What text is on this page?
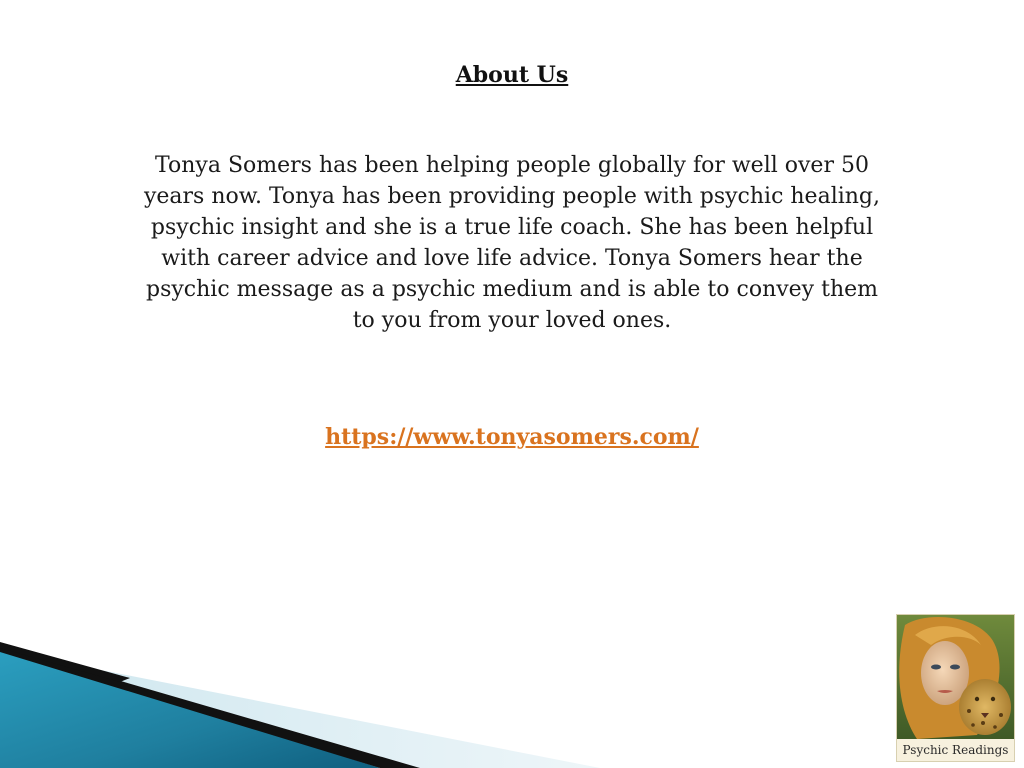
About Us
Tonya Somers has been helping people globally for well over 50 years now. Tonya has been providing people with psychic healing, psychic insight and she is a true life coach. She has been helpful with career advice and love life advice. Tonya Somers hear the psychic message as a psychic medium and is able to convey them to you from your loved ones.
https://www.tonyasomers.com/
Psychic Readings
